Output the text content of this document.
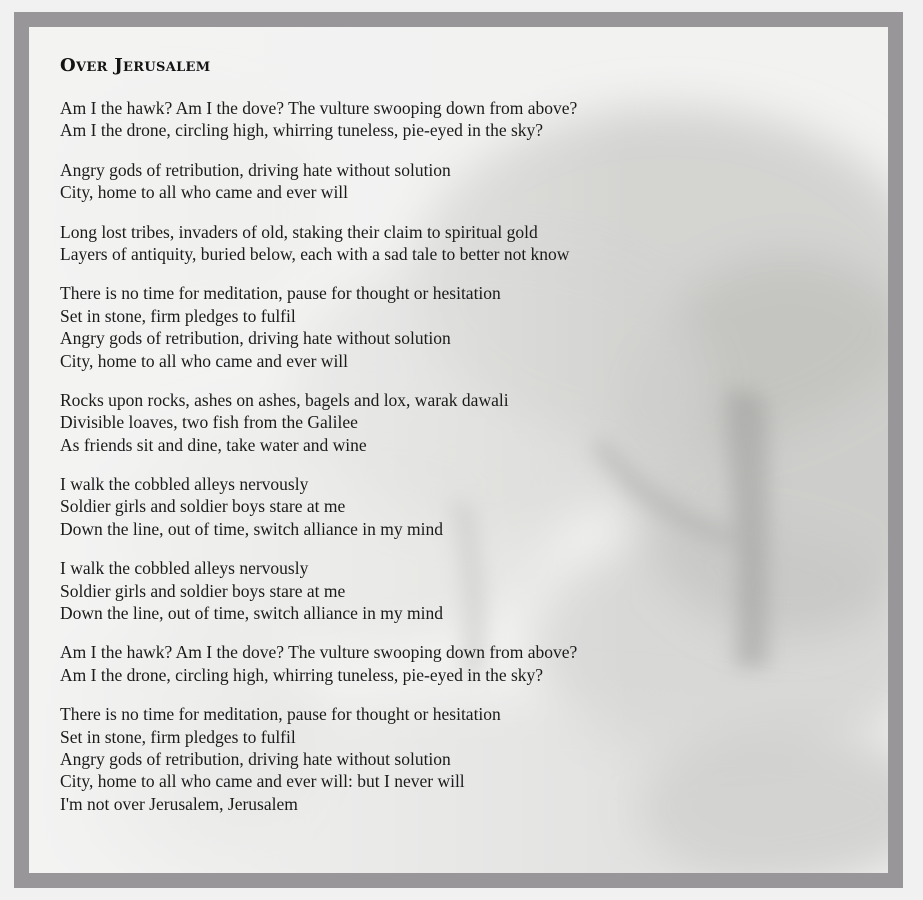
Over Jerusalem
Am I the hawk? Am I the dove? The vulture swooping down from above?
Am I the drone, circling high, whirring tuneless, pie-eyed in the sky?
Angry gods of retribution, driving hate without solution
City, home to all who came and ever will
Long lost tribes, invaders of old, staking their claim to spiritual gold
Layers of antiquity, buried below, each with a sad tale to better not know
There is no time for meditation, pause for thought or hesitation
Set in stone, firm pledges to fulfil
Angry gods of retribution, driving hate without solution
City, home to all who came and ever will
Rocks upon rocks, ashes on ashes, bagels and lox, warak dawali
Divisible loaves, two fish from the Galilee
As friends sit and dine, take water and wine
I walk the cobbled alleys nervously
Soldier girls and soldier boys stare at me
Down the line, out of time, switch alliance in my mind
I walk the cobbled alleys nervously
Soldier girls and soldier boys stare at me
Down the line, out of time, switch alliance in my mind
Am I the hawk? Am I the dove? The vulture swooping down from above?
Am I the drone, circling high, whirring tuneless, pie-eyed in the sky?
There is no time for meditation, pause for thought or hesitation
Set in stone, firm pledges to fulfil
Angry gods of retribution, driving hate without solution
City, home to all who came and ever will: but I never will
I'm not over Jerusalem, Jerusalem
